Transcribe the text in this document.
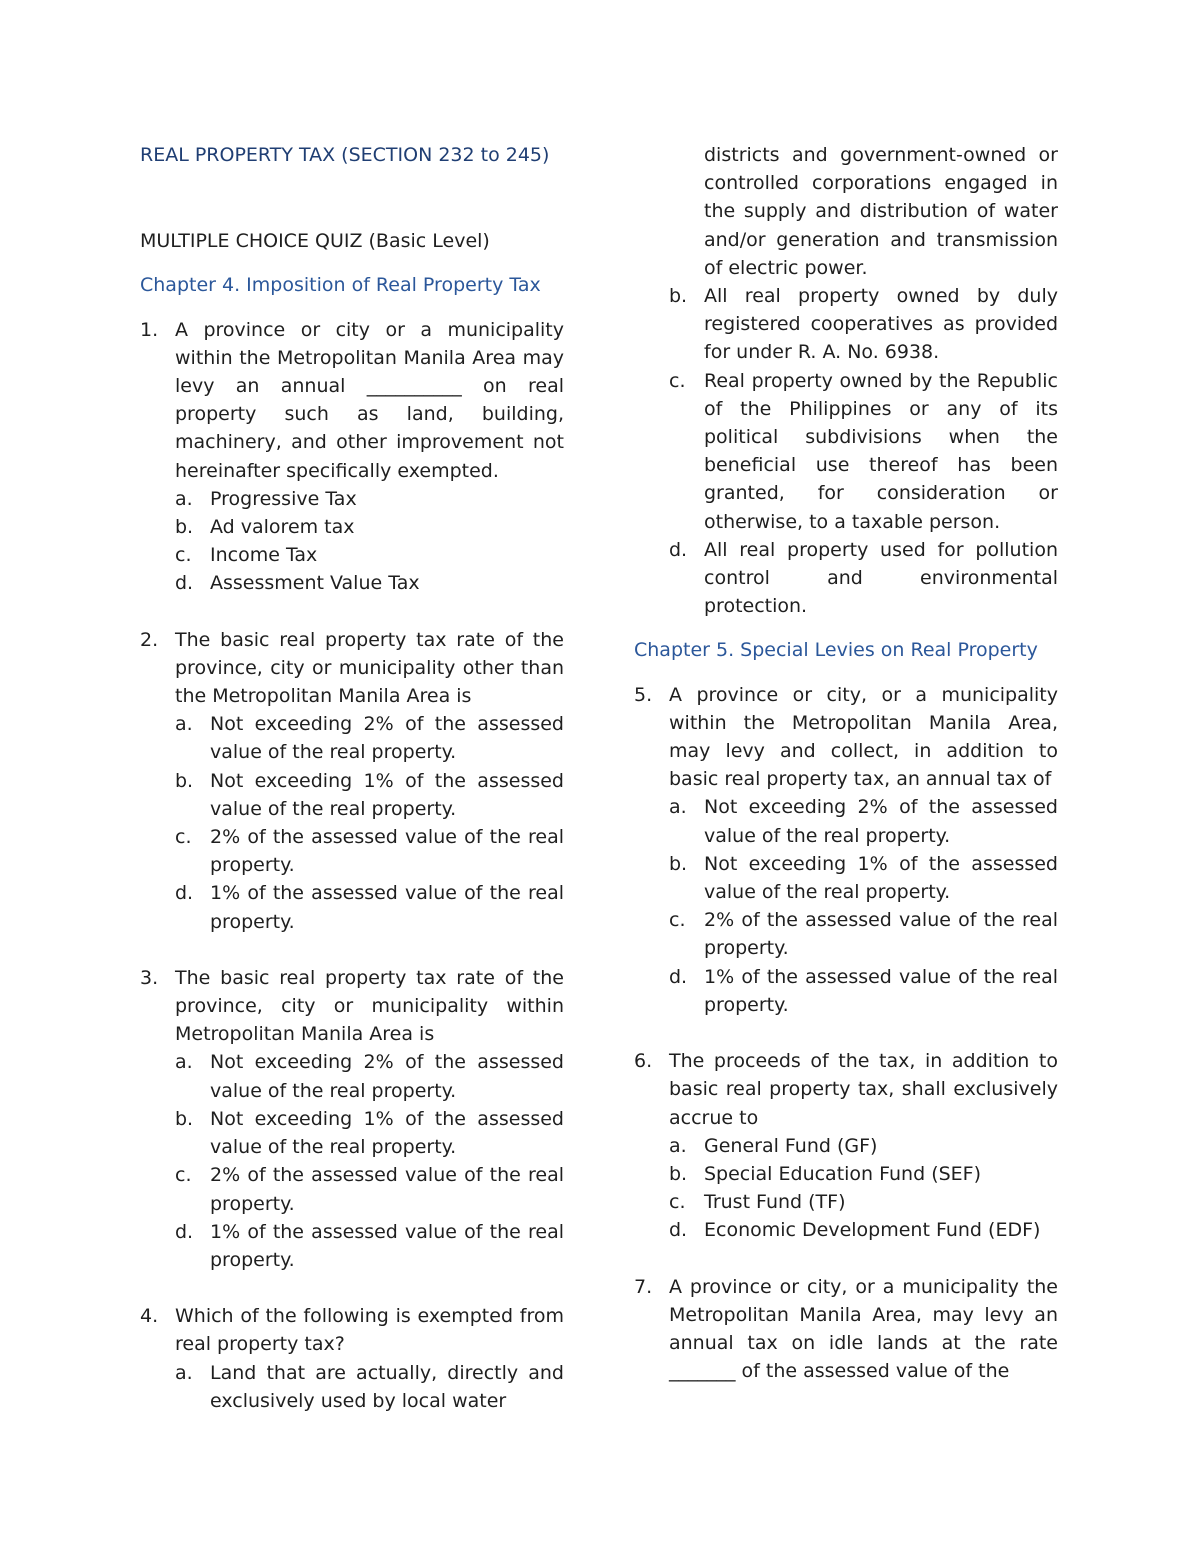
REAL PROPERTY TAX (SECTION 232 to 245)

MULTIPLE CHOICE QUIZ (Basic Level)

Chapter 4. Imposition of Real Property Tax

1. A province or city or a municipality within the Metropolitan Manila Area may levy an annual __________ on real property such as land, building, machinery, and other improvement not hereinafter specifically exempted.
a. Progressive Tax
b. Ad valorem tax
c. Income Tax
d. Assessment Value Tax
2. The basic real property tax rate of the province, city or municipality other than the Metropolitan Manila Area is
a. Not exceeding 2% of the assessed value of the real property.
b. Not exceeding 1% of the assessed value of the real property.
c. 2% of the assessed value of the real property.
d. 1% of the assessed value of the real property.
3. The basic real property tax rate of the province, city or municipality within Metropolitan Manila Area is
a. Not exceeding 2% of the assessed value of the real property.
b. Not exceeding 1% of the assessed value of the real property.
c. 2% of the assessed value of the real property.
d. 1% of the assessed value of the real property.
4. Which of the following is exempted from real property tax?
a. Land that are actually, directly and exclusively used by local water
districts and government-owned or controlled corporations engaged in the supply and distribution of water and/or generation and transmission of electric power.
b. All real property owned by duly registered cooperatives as provided for under R. A. No. 6938.
c. Real property owned by the Republic of the Philippines or any of its political subdivisions when the beneficial use thereof has been granted, for consideration or otherwise, to a taxable person.
d. All real property used for pollution control and environmental protection.

Chapter 5. Special Levies on Real Property

5. A province or city, or a municipality within the Metropolitan Manila Area, may levy and collect, in addition to basic real property tax, an annual tax of
a. Not exceeding 2% of the assessed value of the real property.
b. Not exceeding 1% of the assessed value of the real property.
c. 2% of the assessed value of the real property.
d. 1% of the assessed value of the real property.
6. The proceeds of the tax, in addition to basic real property tax, shall exclusively accrue to
a. General Fund (GF)
b. Special Education Fund (SEF)
c. Trust Fund (TF)
d. Economic Development Fund (EDF)
7. A province or city, or a municipality the Metropolitan Manila Area, may levy an annual tax on idle lands at the rate _______ of the assessed value of the
